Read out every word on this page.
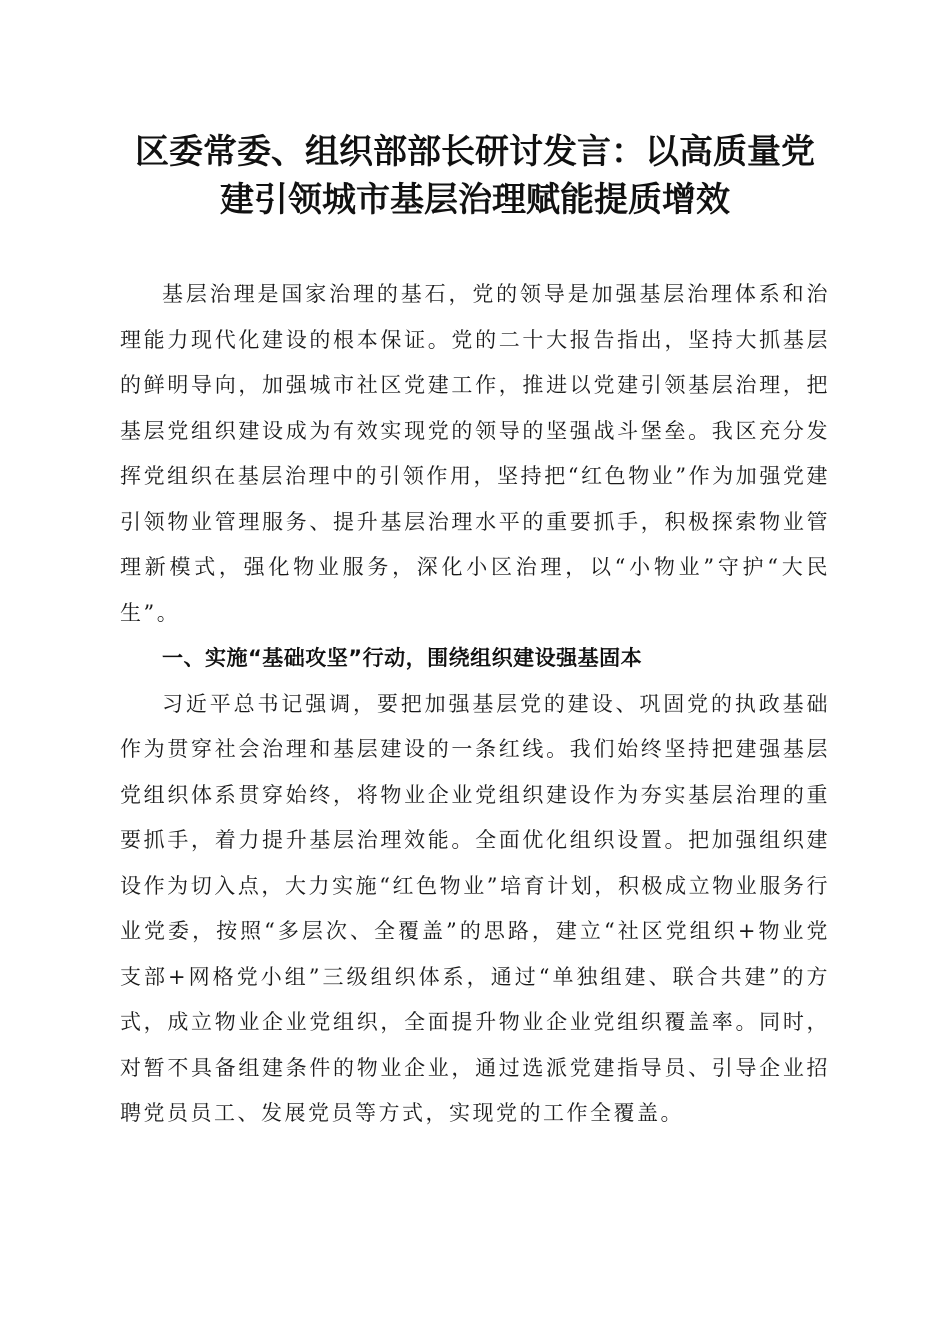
区委常委、组织部部长研讨发言：以高质量党
建引领城市基层治理赋能提质增效

基层治理是国家治理的基石，党的领导是加强基层治理体系和治理能力现代化建设的根本保证。党的二十大报告指出，坚持大抓基层的鲜明导向，加强城市社区党建工作，推进以党建引领基层治理，把基层党组织建设成为有效实现党的领导的坚强战斗堡垒。我区充分发挥党组织在基层治理中的引领作用，坚持把“红色物业”作为加强党建引领物业管理服务、提升基层治理水平的重要抓手，积极探索物业管理新模式，强化物业服务，深化小区治理，以“小物业”守护“大民生”。

一、实施“基础攻坚”行动，围绕组织建设强基固本

习近平总书记强调，要把加强基层党的建设、巩固党的执政基础作为贯穿社会治理和基层建设的一条红线。我们始终坚持把建强基层党组织体系贯穿始终，将物业企业党组织建设作为夯实基层治理的重要抓手，着力提升基层治理效能。全面优化组织设置。把加强组织建设作为切入点，大力实施“红色物业”培育计划，积极成立物业服务行业党委，按照“多层次、全覆盖”的思路，建立“社区党组织+物业党支部+网格党小组”三级组织体系，通过“单独组建、联合共建”的方式，成立物业企业党组织，全面提升物业企业党组织覆盖率。同时，对暂不具备组建条件的物业企业，通过选派党建指导员、引导企业招聘党员员工、发展党员等方式，实现党的工作全覆盖。
